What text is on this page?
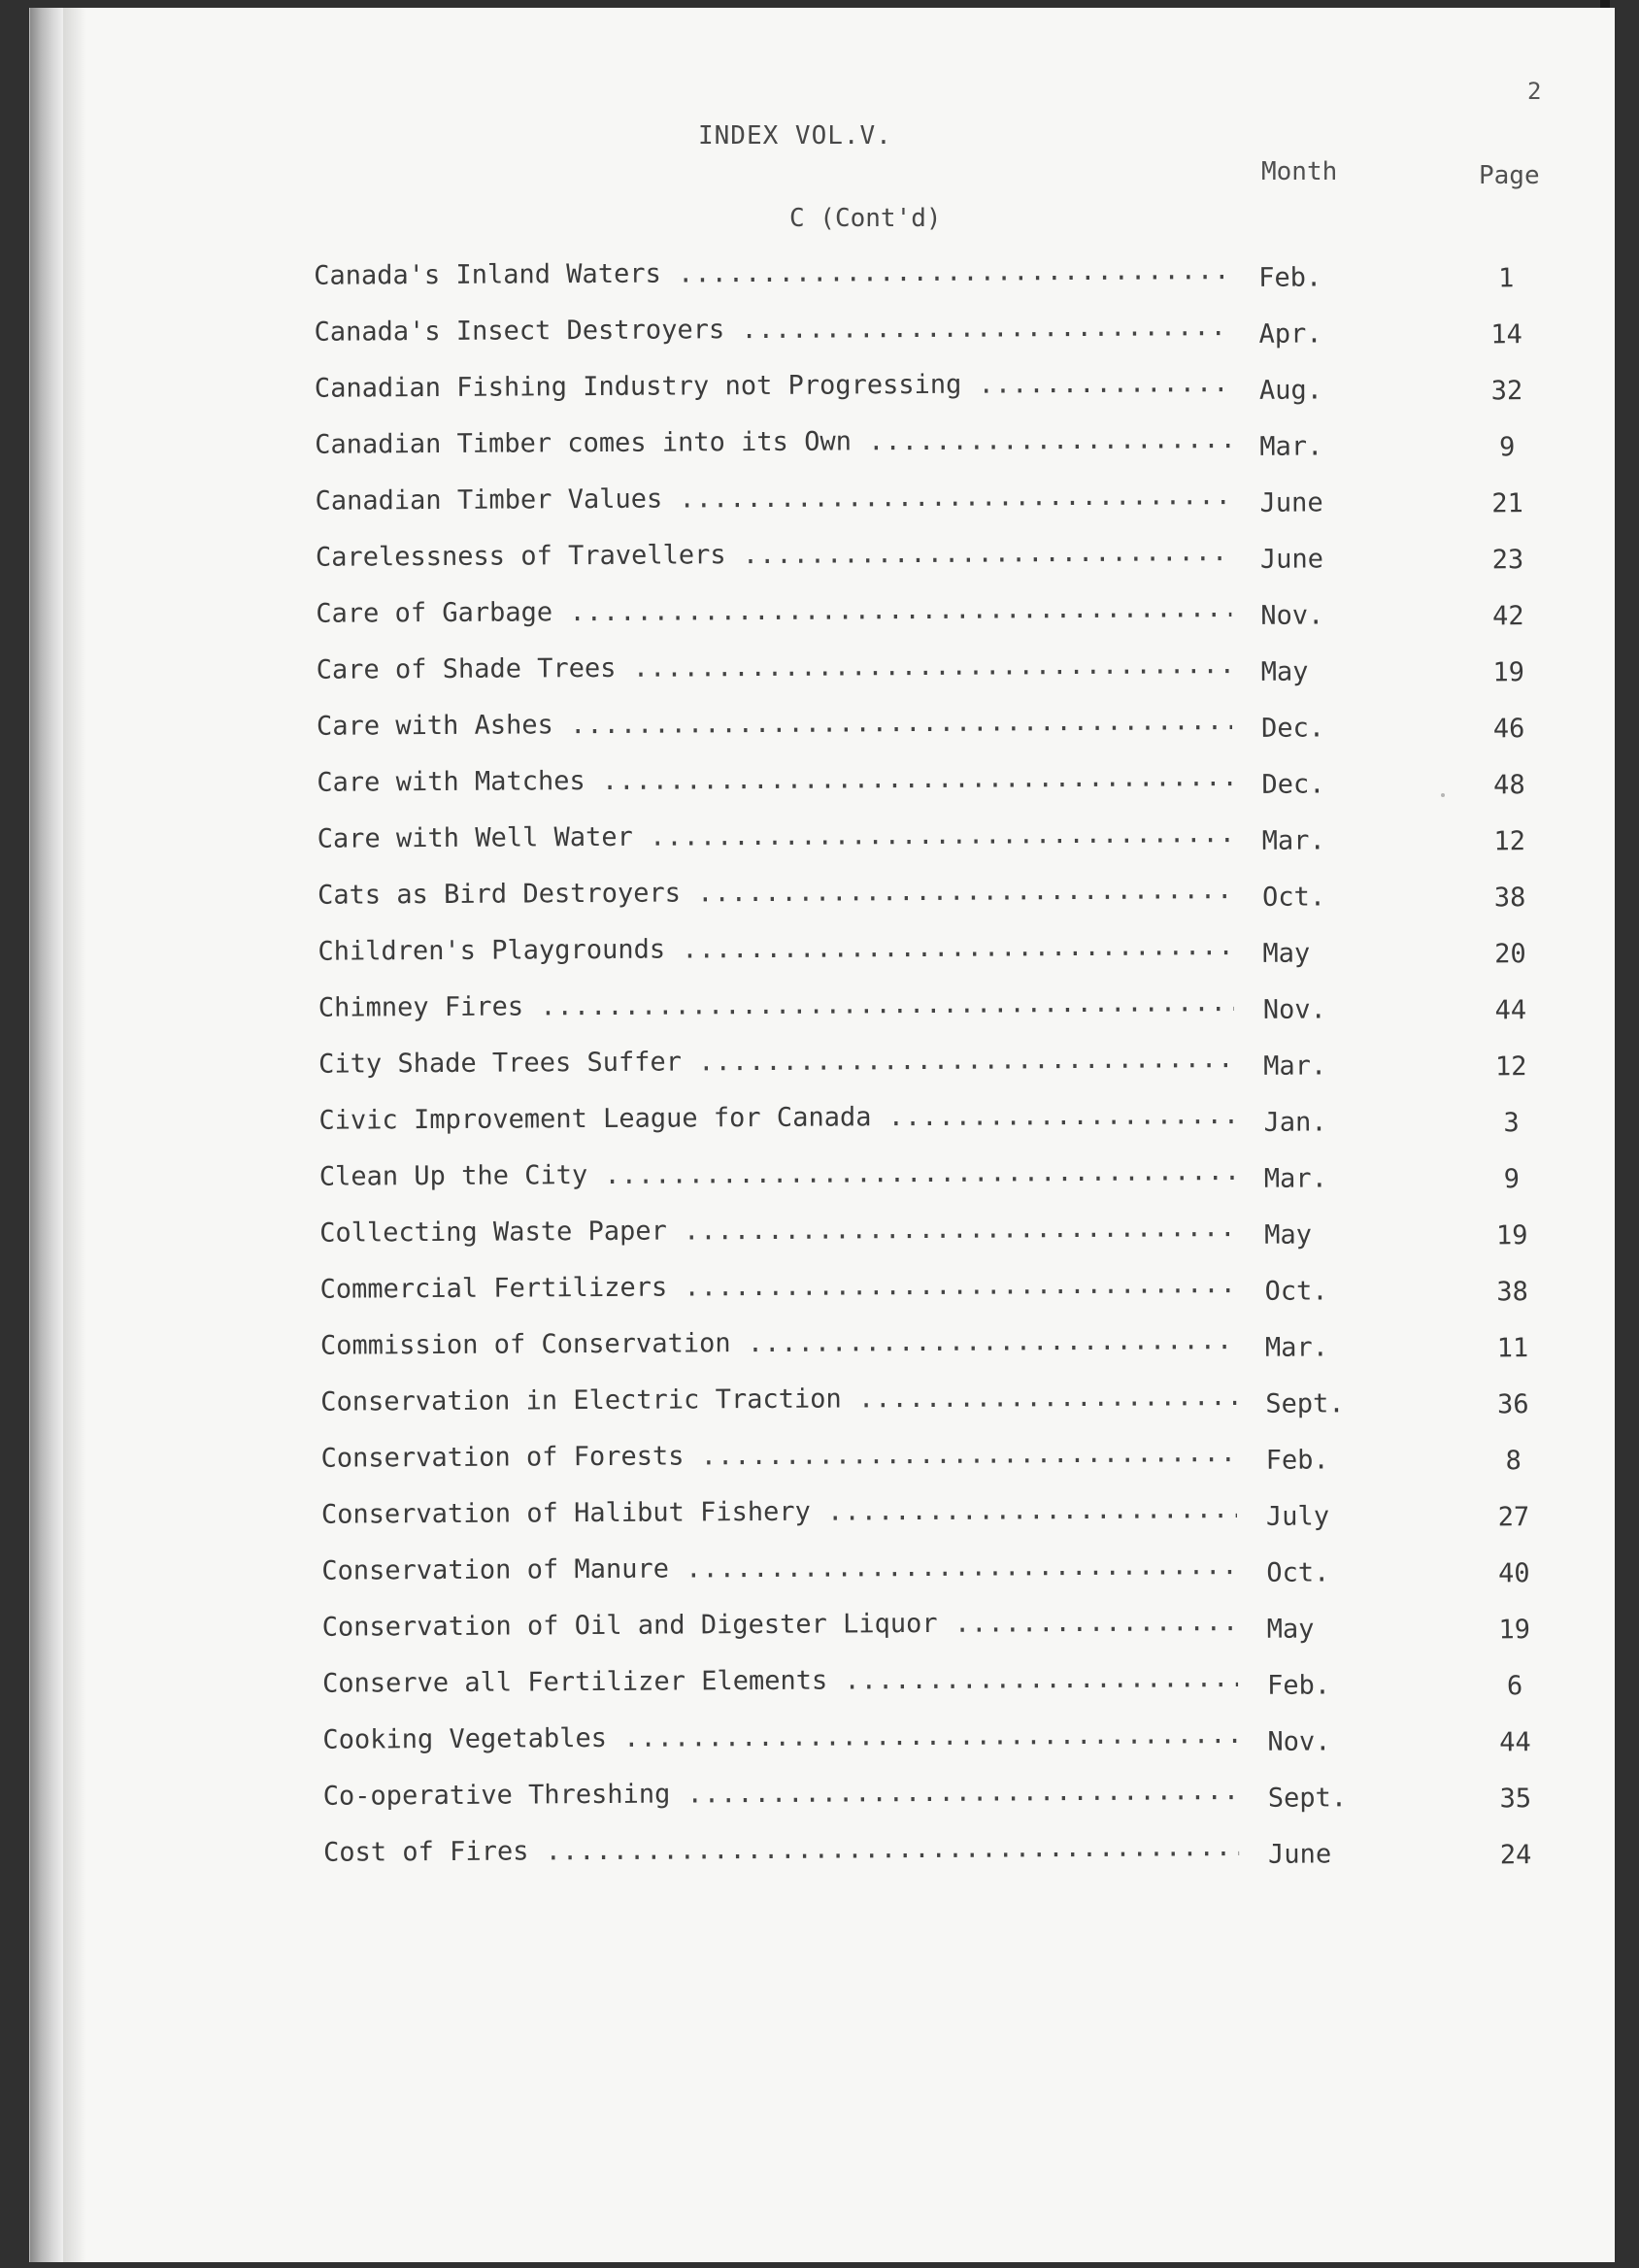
2
INDEX VOL.V.
Month	Page
C (Cont'd)
Canada's Inland Waters .....	Feb.	1
Canada's Insect Destroyers .....	Apr.	14
Canadian Fishing Industry not Progressing .....	Aug.	32
Canadian Timber comes into its Own .....	Mar.	9
Canadian Timber Values .....	June	21
Carelessness of Travellers .....	June	23
Care of Garbage .....	Nov.	42
Care of Shade Trees .....	May	19
Care with Ashes .....	Dec.	46
Care with Matches .....	Dec.	48
Care with Well Water .....	Mar.	12
Cats as Bird Destroyers .....	Oct.	38
Children's Playgrounds .....	May	20
Chimney Fires .....	Nov.	44
City Shade Trees Suffer .....	Mar.	12
Civic Improvement League for Canada .....	Jan.	3
Clean Up the City .....	Mar.	9
Collecting Waste Paper .....	May	19
Commercial Fertilizers .....	Oct.	38
Commission of Conservation .....	Mar.	11
Conservation in Electric Traction .....	Sept.	36
Conservation of Forests .....	Feb.	8
Conservation of Halibut Fishery .....	July	27
Conservation of Manure .....	Oct.	40
Conservation of Oil and Digester Liquor .....	May	19
Conserve all Fertilizer Elements .....	Feb.	6
Cooking Vegetables .....	Nov.	44
Co-operative Threshing .....	Sept.	35
Cost of Fires .....	June	24
